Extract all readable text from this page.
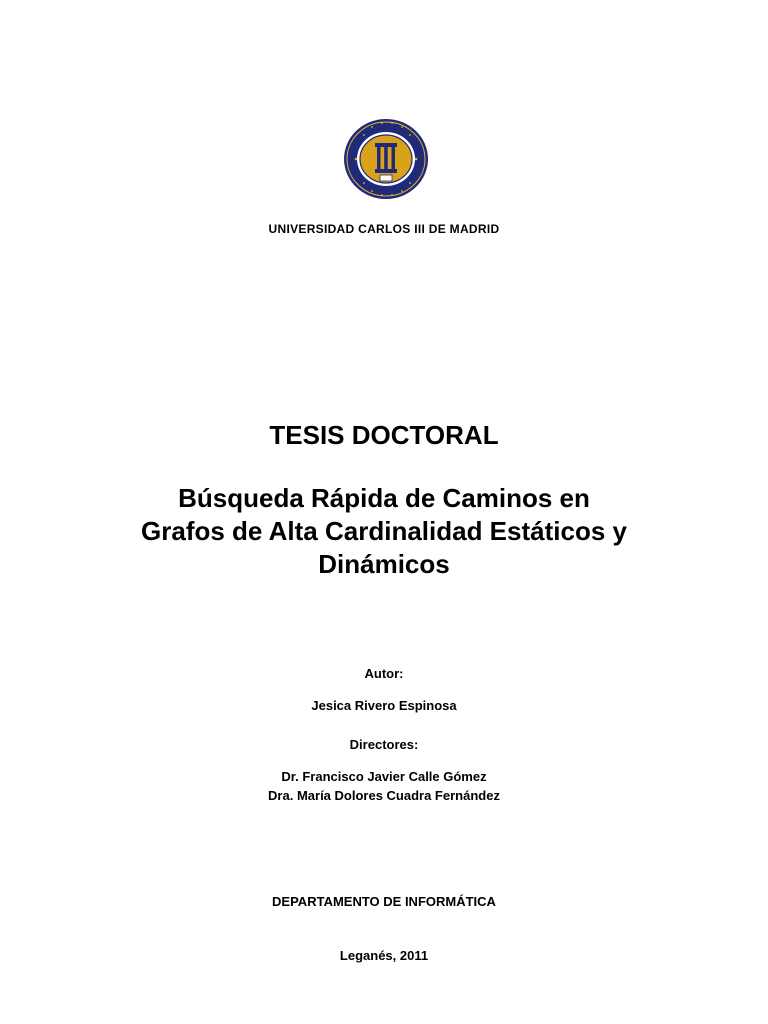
UNIVERSIDAD CARLOS III DE MADRID
TESIS DOCTORAL
Búsqueda Rápida de Caminos en
Grafos de Alta Cardinalidad Estáticos y
Dinámicos
Autor:
Jesica Rivero Espinosa
Directores:
Dr. Francisco Javier Calle Gómez
Dra. María Dolores Cuadra Fernández
DEPARTAMENTO DE INFORMÁTICA
Leganés, 2011
